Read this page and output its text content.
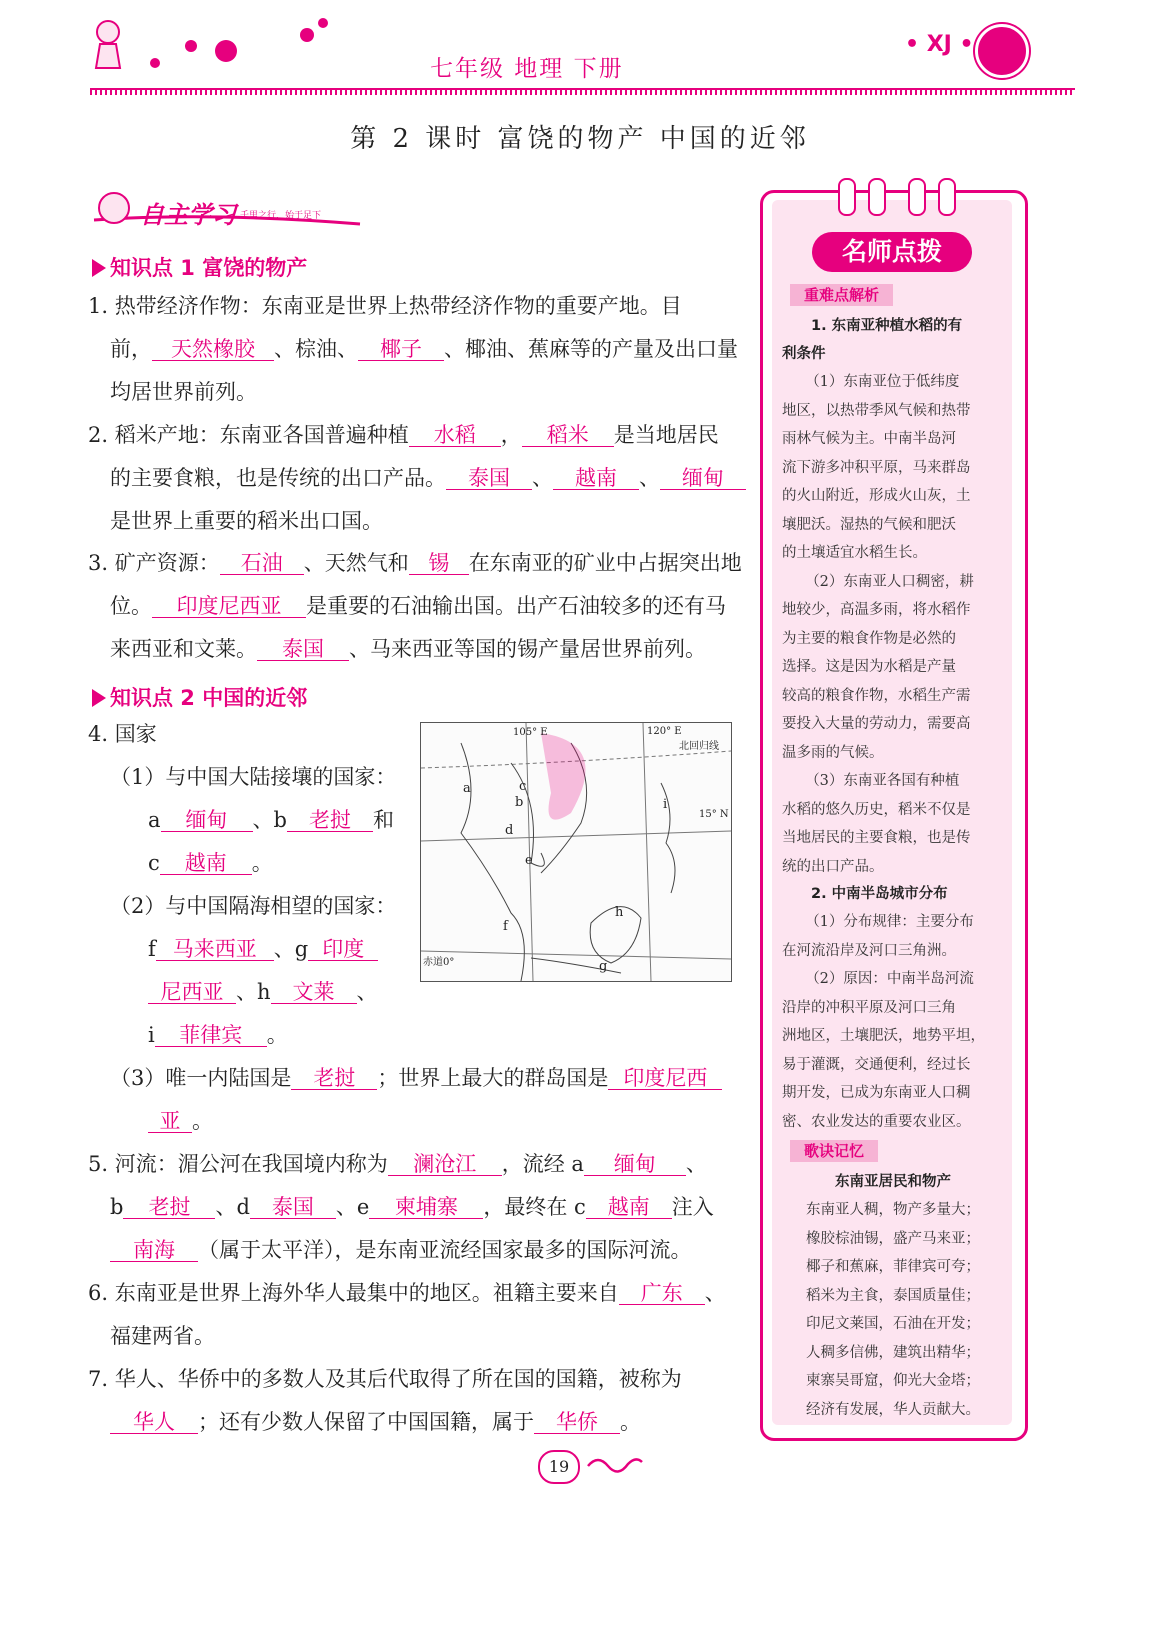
七年级 地理 下册
• XJ •
第 2 课时 富饶的物产 中国的近邻
自主学习 千里之行，始于足下
知识点 1 富饶的物产
1. 热带经济作物：东南亚是世界上热带经济作物的重要产地。目
前， 天然橡胶 、棕油、 椰子 、椰油、蕉麻等的产量及出口量
均居世界前列。
2. 稻米产地：东南亚各国普遍种植 水稻 ， 稻米 是当地居民
的主要食粮，也是传统的出口产品。 泰国 、 越南 、 缅甸
是世界上重要的稻米出口国。
3. 矿产资源： 石油 、天然气和 锡 在东南亚的矿业中占据突出地
位。 印度尼西亚 是重要的石油输出国。出产石油较多的还有马
来西亚和文莱。 泰国 、马来西亚等国的锡产量居世界前列。
知识点 2 中国的近邻
4. 国家
（1）与中国大陆接壤的国家：
a 缅甸 、b 老挝 和
c 越南 。
（2）与中国隔海相望的国家：
f 马来西亚 、g 印度
尼西亚 、h 文莱 、
i 菲律宾 。
（3）唯一内陆国是 老挝 ；世界上最大的群岛国是 印度尼西
亚 。
105° E	120° E
北回归线
15° N
赤道0°
a
b
c
d
e
f
g
h
i
5. 河流：湄公河在我国境内称为 澜沧江 ，流经 a 缅甸 、
b 老挝 、d 泰国 、e 柬埔寨 ，最终在 c 越南 注入
南海 （属于太平洋），是东南亚流经国家最多的国际河流。
6. 东南亚是世界上海外华人最集中的地区。祖籍主要来自 广东 、
福建两省。
7. 华人、华侨中的多数人及其后代取得了所在国的国籍，被称为
华人 ；还有少数人保留了中国国籍，属于 华侨 。
名师点拨
重难点解析
1. 东南亚种植水稻的有
利条件
（1）东南亚位于低纬度
地区，以热带季风气候和热带
雨林气候为主。中南半岛河
流下游多冲积平原，马来群岛
的火山附近，形成火山灰，土
壤肥沃。湿热的气候和肥沃
的土壤适宜水稻生长。
（2）东南亚人口稠密，耕
地较少，高温多雨，将水稻作
为主要的粮食作物是必然的
选择。这是因为水稻是产量
较高的粮食作物，水稻生产需
要投入大量的劳动力，需要高
温多雨的气候。
（3）东南亚各国有种植
水稻的悠久历史，稻米不仅是
当地居民的主要食粮，也是传
统的出口产品。
2. 中南半岛城市分布
（1）分布规律：主要分布
在河流沿岸及河口三角洲。
（2）原因：中南半岛河流
沿岸的冲积平原及河口三角
洲地区，土壤肥沃，地势平坦，
易于灌溉，交通便利，经过长
期开发，已成为东南亚人口稠
密、农业发达的重要农业区。
歌诀记忆
东南亚居民和物产
东南亚人稠，物产多量大；
橡胶棕油锡，盛产马来亚；
椰子和蕉麻，菲律宾可夸；
稻米为主食，泰国质量佳；
印尼文莱国，石油在开发；
人稠多信佛，建筑出精华；
柬寨吴哥窟，仰光大金塔；
经济有发展，华人贡献大。
19
